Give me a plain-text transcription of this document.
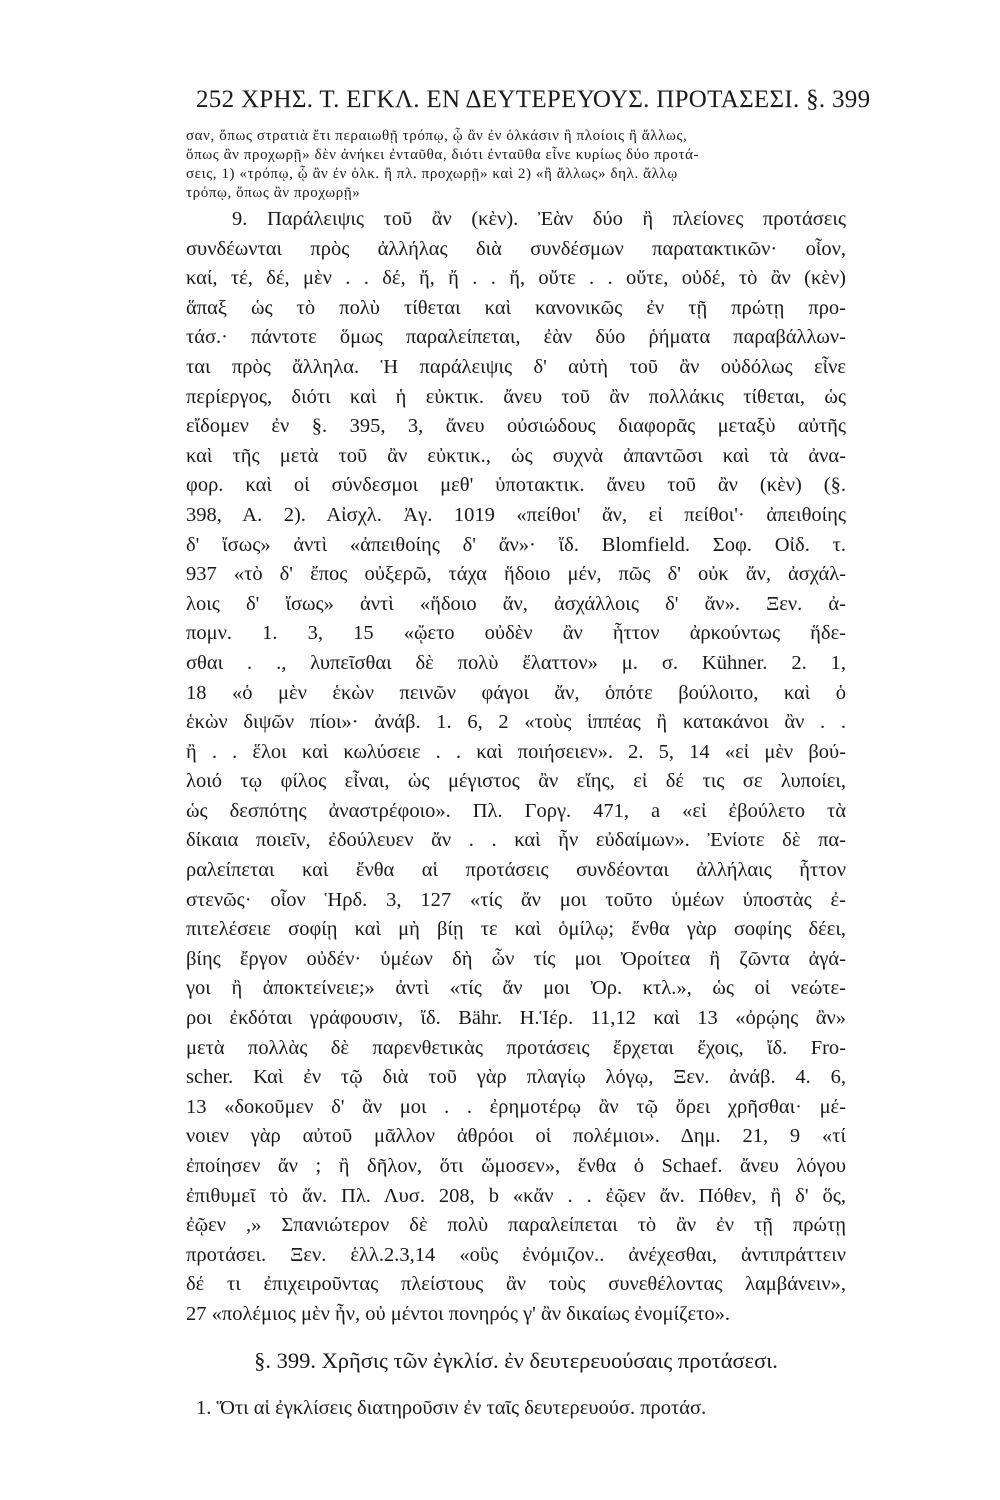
252 ΧΡΗΣ. Τ. ΕΓΚΛ. ΕΝ ΔΕΥΤΕΡΕΥΟΥΣ. ΠΡΟΤΑΣΕΣΙ. §. 399
σαν, ὅπως στρατιὰ ἔτι περαιωθῇ τρόπῳ, ᾧ ἂν ἐν ὁλκάσιν ἢ πλοίοις ἢ ἄλλως,
ὅπως ἂν προχωρῇ» δὲν ἀνήκει ἐνταῦθα, διότι ἐνταῦθα εἶνε κυρίως δύο προτά-
σεις, 1) «τρόπῳ, ᾧ ἂν ἐν ὁλκ. ἢ πλ. προχωρῇ» καὶ 2) «ἢ ἄλλως» δηλ. ἄλλῳ
τρόπῳ, ὅπως ἂν προχωρῇ»
9. Παράλειψις τοῦ ἂν (κὲν). Ἐὰν δύο ἢ πλείονες προτάσεις
συνδέωνται πρὸς ἀλλήλας διὰ συνδέσμων παρατακτικῶν· οἷον,
καί, τέ, δέ, μὲν . . δέ, ἤ, ἤ . . ἤ, οὔτε . . οὔτε, οὐδέ, τὸ ἂν (κὲν)
ἅπαξ ὡς τὸ πολὺ τίθεται καὶ κανονικῶς ἐν τῇ πρώτῃ προ-
τάσ.· πάντοτε ὅμως παραλείπεται, ἐὰν δύο ῥήματα παραβάλλων-
ται πρὸς ἄλληλα. Ἡ παράλειψις δ' αὐτὴ τοῦ ἂν οὐδόλως εἶνε
περίεργος, διότι καὶ ἡ εὐκτικ. ἄνευ τοῦ ἂν πολλάκις τίθεται, ὡς
εἴδομεν ἐν §. 395, 3, ἄνευ οὐσιώδους διαφορᾶς μεταξὺ αὐτῆς
καὶ τῆς μετὰ τοῦ ἂν εὐκτικ., ὡς συχνὰ ἀπαντῶσι καὶ τὰ ἀνα-
φορ. καὶ οἱ σύνδεσμοι μεθ' ὑποτακτικ. ἄνευ τοῦ ἂν (κὲν) (§.
398, Α. 2). Αἰσχλ. Ἀγ. 1019 «πείθοι' ἄν, εἰ πείθοι'· ἀπειθοίης
δ' ἴσως» ἀντὶ «ἀπειθοίης δ' ἄν»· ἴδ. Blomfield. Σοφ. Οἰδ. τ.
937 «τὸ δ' ἔπος οὐξερῶ, τάχα ἥδοιο μέν, πῶς δ' οὐκ ἄν, ἀσχάλ-
λοις δ' ἴσως» ἀντὶ «ἥδοιο ἄν, ἀσχάλλοις δ' ἄν». Ξεν. ἀ-
πομν. 1. 3, 15 «ᾤετο οὐδὲν ἂν ἧττον ἀρκούντως ἥδε-
σθαι . ., λυπεῖσθαι δὲ πολὺ ἔλαττον» μ. σ. Kühner. 2. 1,
18 «ὁ μὲν ἑκὼν πεινῶν φάγοι ἄν, ὁπότε βούλοιτο, καὶ ὁ
ἑκὼν διψῶν πίοι»· ἀνάβ. 1. 6, 2 «τοὺς ἱππέας ἢ κατακάνοι ἂν . .
ἢ . . ἕλοι καὶ κωλύσειε . . καὶ ποιήσειεν». 2. 5, 14 «εἰ μὲν βού-
λοιό τῳ φίλος εἶναι, ὡς μέγιστος ἂν εἴης, εἰ δέ τις σε λυποίει,
ὡς δεσπότης ἀναστρέφοιο». Πλ. Γοργ. 471, a «εἰ ἐβούλετο τὰ
δίκαια ποιεῖν, ἐδούλευεν ἄν . . καὶ ἦν εὐδαίμων». Ἐνίοτε δὲ πα-
ραλείπεται καὶ ἔνθα αἱ προτάσεις συνδέονται ἀλλήλαις ἧττον
στενῶς· οἷον Ἡρδ. 3, 127 «τίς ἄν μοι τοῦτο ὑμέων ὑποστὰς ἐ-
πιτελέσειε σοφίῃ καὶ μὴ βίῃ τε καὶ ὁμίλῳ; ἔνθα γὰρ σοφίης δέει,
βίης ἔργον οὐδέν· ὑμέων δὴ ὧν τίς μοι Ὀροίτεα ἢ ζῶντα ἀγά-
γοι ἢ ἀποκτείνειε;» ἀντὶ «τίς ἄν μοι Ὀρ. κτλ.», ὡς οἱ νεώτε-
ροι ἐκδόται γράφουσιν, ἴδ. Bähr. Η.Ἱέρ. 11,12 καὶ 13 «ὀρῴης ἂν»
μετὰ πολλὰς δὲ παρενθετικὰς προτάσεις ἔρχεται ἔχοις, ἴδ. Fro-
scher. Καὶ ἐν τῷ διὰ τοῦ γὰρ πλαγίῳ λόγῳ, Ξεν. ἀνάβ. 4. 6,
13 «δοκοῦμεν δ' ἂν μοι . . ἐρημοτέρῳ ἂν τῷ ὄρει χρῆσθαι· μέ-
νοιεν γὰρ αὐτοῦ μᾶλλον ἀθρόοι οἱ πολέμιοι». Δημ. 21, 9 «τί
ἐποίησεν ἄν ; ἢ δῆλον, ὅτι ὤμοσεν», ἔνθα ὁ Schaef. ἄνευ λόγου
ἐπιθυμεῖ τὸ ἄν. Πλ. Λυσ. 208, b «κἄν . . ἐῷεν ἄν. Πόθεν, ἢ δ' ὅς,
ἐῷεν ,» Σπανιώτερον δὲ πολὺ παραλείπεται τὸ ἂν ἐν τῇ πρώτῃ
προτάσει. Ξεν. ἑλλ.2.3,14 «οὓς ἐνόμιζον.. ἀνέχεσθαι, ἀντιπράττειν
δέ τι ἐπιχειροῦντας πλείστους ἂν τοὺς συνεθέλοντας λαμβάνειν»,
27 «πολέμιος μὲν ἦν, οὐ μέντοι πονηρός γ' ἂν δικαίως ἐνομίζετο».
§. 399. Χρῆσις τῶν ἐγκλίσ. ἐν δευτερευούσαις προτάσεσι.
1. Ὅτι αἱ ἐγκλίσεις διατηροῦσιν ἐν ταῖς δευτερευούσ. προτάσ.
